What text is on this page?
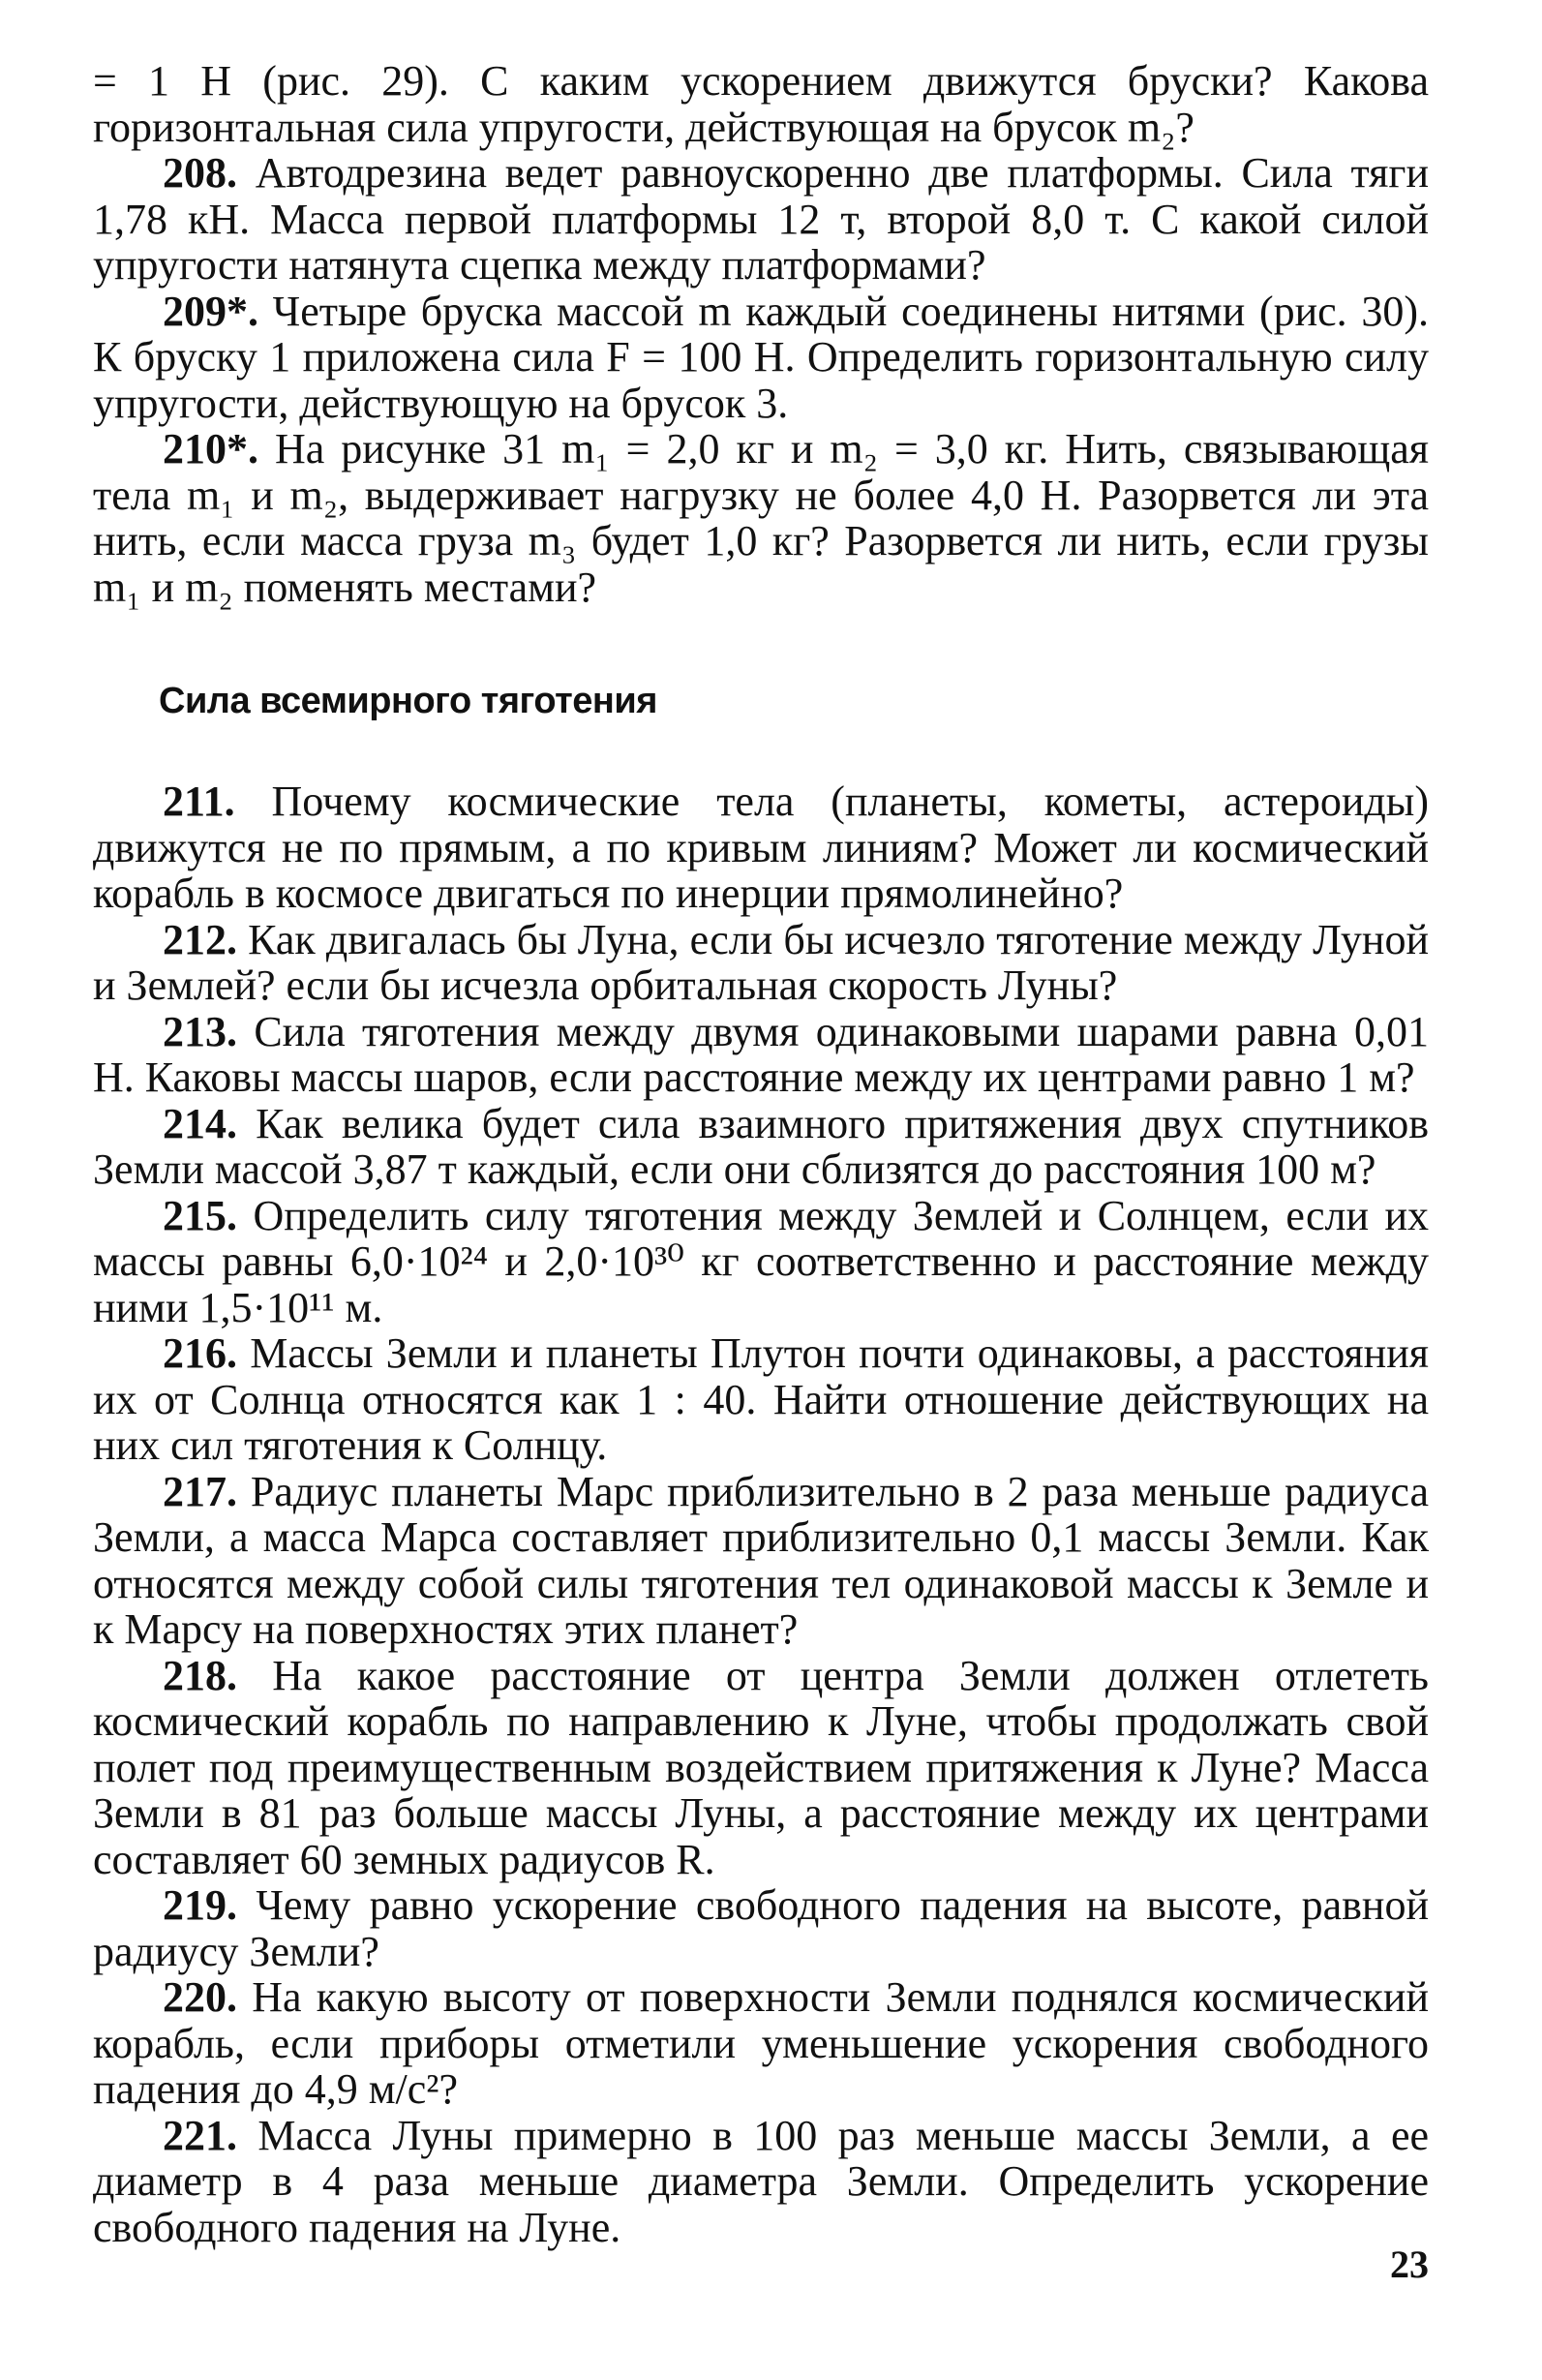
= 1 Н (рис. 29). С каким ускорением движутся бруски? Какова горизонтальная сила упругости, действующая на брусок m₂?

208. Автодрезина ведет равноускоренно две платформы. Сила тяги 1,78 кН. Масса первой платформы 12 т, второй 8,0 т. С какой силой упругости натянута сцепка между платформами?

209*. Четыре бруска массой m каждый соединены нитями (рис. 30). К бруску 1 приложена сила F = 100 Н. Определить горизонтальную силу упругости, действующую на брусок 3.

210*. На рисунке 31 m₁ = 2,0 кг и m₂ = 3,0 кг. Нить, связывающая тела m₁ и m₂, выдерживает нагрузку не более 4,0 Н. Разорвется ли эта нить, если масса груза m₃ будет 1,0 кг? Разорвется ли нить, если грузы m₁ и m₂ поменять местами?

Сила всемирного тяготения

211. Почему космические тела (планеты, кометы, астероиды) движутся не по прямым, а по кривым линиям? Может ли космический корабль в космосе двигаться по инерции прямолинейно?

212. Как двигалась бы Луна, если бы исчезло тяготение между Луной и Землей? если бы исчезла орбитальная скорость Луны?

213. Сила тяготения между двумя одинаковыми шарами равна 0,01 Н. Каковы массы шаров, если расстояние между их центрами равно 1 м?

214. Как велика будет сила взаимного притяжения двух спутников Земли массой 3,87 т каждый, если они сблизятся до расстояния 100 м?

215. Определить силу тяготения между Землей и Солнцем, если их массы равны 6,0·10²⁴ и 2,0·10³⁰ кг соответственно и расстояние между ними 1,5·10¹¹ м.

216. Массы Земли и планеты Плутон почти одинаковы, а расстояния их от Солнца относятся как 1 : 40. Найти отношение действующих на них сил тяготения к Солнцу.

217. Радиус планеты Марс приблизительно в 2 раза меньше радиуса Земли, а масса Марса составляет приблизительно 0,1 массы Земли. Как относятся между собой силы тяготения тел одинаковой массы к Земле и к Марсу на поверхностях этих планет?

218. На какое расстояние от центра Земли должен отлететь космический корабль по направлению к Луне, чтобы продолжать свой полет под преимущественным воздействием притяжения к Луне? Масса Земли в 81 раз больше массы Луны, а расстояние между их центрами составляет 60 земных радиусов R.

219. Чему равно ускорение свободного падения на высоте, равной радиусу Земли?

220. На какую высоту от поверхности Земли поднялся космический корабль, если приборы отметили уменьшение ускорения свободного падения до 4,9 м/с²?

221. Масса Луны примерно в 100 раз меньше массы Земли, а ее диаметр в 4 раза меньше диаметра Земли. Определить ускорение свободного падения на Луне.

23
